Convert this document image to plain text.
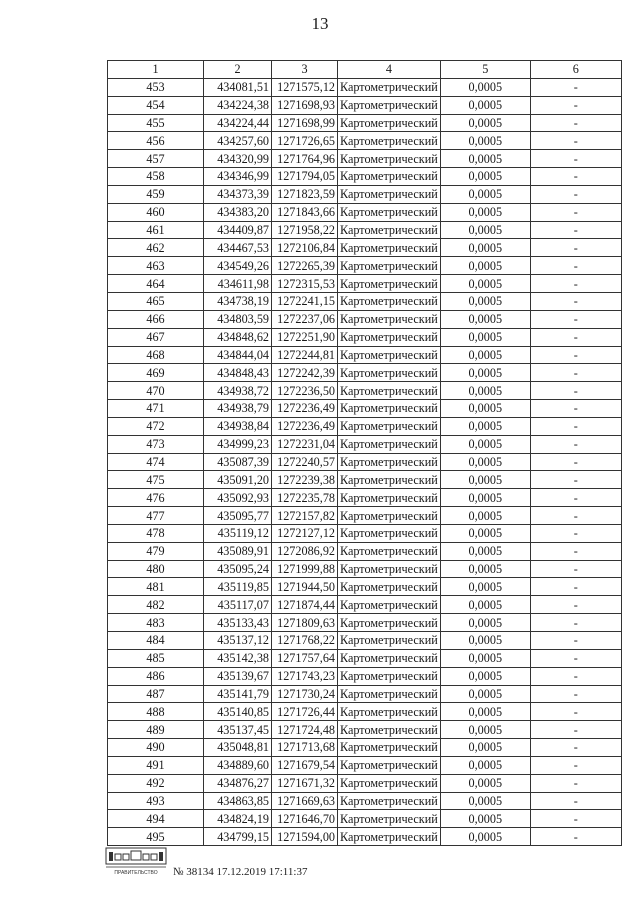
13
1	2	3	4	5	6
453	434081,51	1271575,12	Картометрический	0,0005	-
454	434224,38	1271698,93	Картометрический	0,0005	-
455	434224,44	1271698,99	Картометрический	0,0005	-
456	434257,60	1271726,65	Картометрический	0,0005	-
457	434320,99	1271764,96	Картометрический	0,0005	-
458	434346,99	1271794,05	Картометрический	0,0005	-
459	434373,39	1271823,59	Картометрический	0,0005	-
460	434383,20	1271843,66	Картометрический	0,0005	-
461	434409,87	1271958,22	Картометрический	0,0005	-
462	434467,53	1272106,84	Картометрический	0,0005	-
463	434549,26	1272265,39	Картометрический	0,0005	-
464	434611,98	1272315,53	Картометрический	0,0005	-
465	434738,19	1272241,15	Картометрический	0,0005	-
466	434803,59	1272237,06	Картометрический	0,0005	-
467	434848,62	1272251,90	Картометрический	0,0005	-
468	434844,04	1272244,81	Картометрический	0,0005	-
469	434848,43	1272242,39	Картометрический	0,0005	-
470	434938,72	1272236,50	Картометрический	0,0005	-
471	434938,79	1272236,49	Картометрический	0,0005	-
472	434938,84	1272236,49	Картометрический	0,0005	-
473	434999,23	1272231,04	Картометрический	0,0005	-
474	435087,39	1272240,57	Картометрический	0,0005	-
475	435091,20	1272239,38	Картометрический	0,0005	-
476	435092,93	1272235,78	Картометрический	0,0005	-
477	435095,77	1272157,82	Картометрический	0,0005	-
478	435119,12	1272127,12	Картометрический	0,0005	-
479	435089,91	1272086,92	Картометрический	0,0005	-
480	435095,24	1271999,88	Картометрический	0,0005	-
481	435119,85	1271944,50	Картометрический	0,0005	-
482	435117,07	1271874,44	Картометрический	0,0005	-
483	435133,43	1271809,63	Картометрический	0,0005	-
484	435137,12	1271768,22	Картометрический	0,0005	-
485	435142,38	1271757,64	Картометрический	0,0005	-
486	435139,67	1271743,23	Картометрический	0,0005	-
487	435141,79	1271730,24	Картометрический	0,0005	-
488	435140,85	1271726,44	Картометрический	0,0005	-
489	435137,45	1271724,48	Картометрический	0,0005	-
490	435048,81	1271713,68	Картометрический	0,0005	-
491	434889,60	1271679,54	Картометрический	0,0005	-
492	434876,27	1271671,32	Картометрический	0,0005	-
493	434863,85	1271669,63	Картометрический	0,0005	-
494	434824,19	1271646,70	Картометрический	0,0005	-
495	434799,15	1271594,00	Картометрический	0,0005	-
ПРАВИТЕЛЬСТВО № 38134 17.12.2019 17:11:37
